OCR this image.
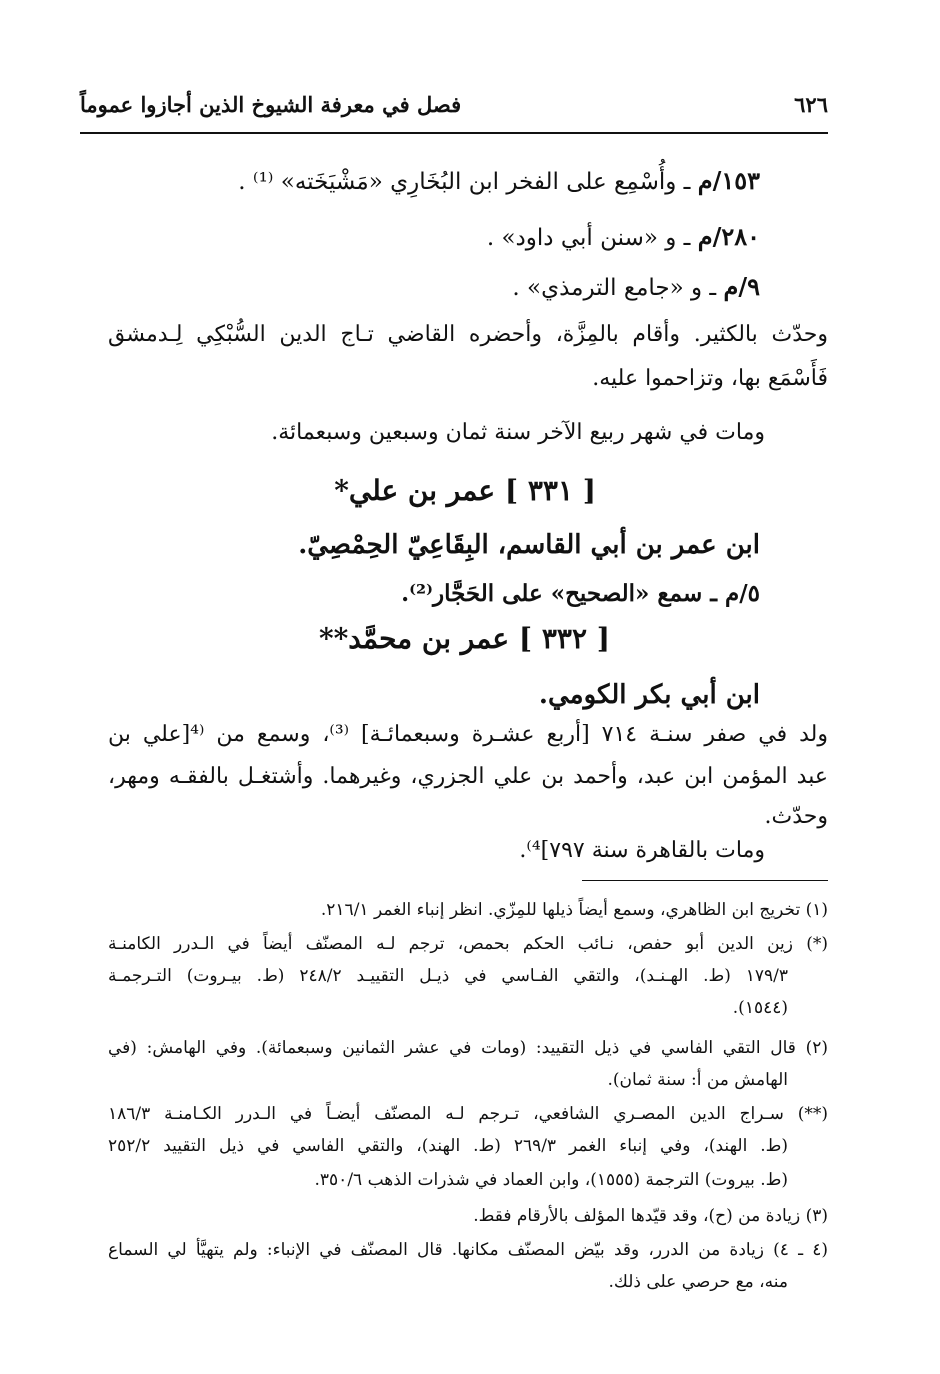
٦٢٦
فصل في معرفة الشيوخ الذين أجازوا عموماً
١٥٣/م ـ وأُسْمِع على الفخر ابن البُخَارِي «مَشْيَخَته» ⁽¹⁾ .
٢٨٠/م ـ و «سنن أبي داود» .
٩/م ـ و «جامع الترمذي» .
وحدّث بالكثير. وأقام بالمِزَّة، وأحضره القاضي تـاج الدين السُّبْكِي لِـدمشق
فَأَسْمَع بها، وتزاحموا عليه.
ومات في شهر ربيع الآخر سنة ثمان وسبعين وسبعمائة.
[ ٣٣١ ] عمر بن علي*
ابن عمر بن أبي القاسم، البِقَاعِيّ الحِمْصِيّ.
٥/م ـ سمع «الصحيح» على الحَجَّار⁽²⁾.
[ ٣٣٢ ] عمر بن محمَّد**
ابن أبي بكر الكومي.
ولد في صفر سنـة ٧١٤ [أربع عشـرة وسبعمائـة] ⁽³⁾، وسمع من ⁽⁴[علي بن
عبد المؤمن ابن عبد، وأحمد بن علي الجزري، وغيرهما. وأشتغـل بالفقـه ومهر،
وحدّث.
ومات بالقاهرة سنة ٧٩٧]⁴⁾.
(١) تخريج ابن الظاهري، وسمع أيضاً ذيلها للمِزّي. انظر إنباء الغمر ٢١٦/١.
(*) زين الدين أبو حفص، نـائب الحكم بحمص، ترجم لـه المصنّف أيضاً في الـدرر الكامنـة
١٧٩/٣ (ط. الهـنـد)، والتقي الفـاسي في ذيـل التقييـد ٢٤٨/٢ (ط. بيـروت) التـرجمـة
(١٥٤٤).
(٢) قال التقي الفاسي في ذيل التقييد: (ومات في عشر الثمانين وسبعمائة). وفي الهامش: (في
الهامش من أ: سنة ثمان).
(**) سـراج الدين المصـري الشافعي، تـرجم لـه المصنّف أيضـاً في الـدرر الكـامنـة ١٨٦/٣
(ط. الهند)، وفي إنباء الغمر ٢٦٩/٣ (ط. الهند)، والتقي الفاسي في ذيل التقييد ٢٥٢/٢
(ط. بيروت) الترجمة (١٥٥٥)، وابن العماد في شذرات الذهب ٣٥٠/٦.
(٣) زيادة من (ح)، وقد قيّدها المؤلف بالأرقام فقط.
(٤ ـ ٤) زيادة من الدرر، وقد بيّض المصنّف مكانها. قال المصنّف في الإنباء: ولم يتهيَّأ لي السماع
منه، مع حرصي على ذلك.
